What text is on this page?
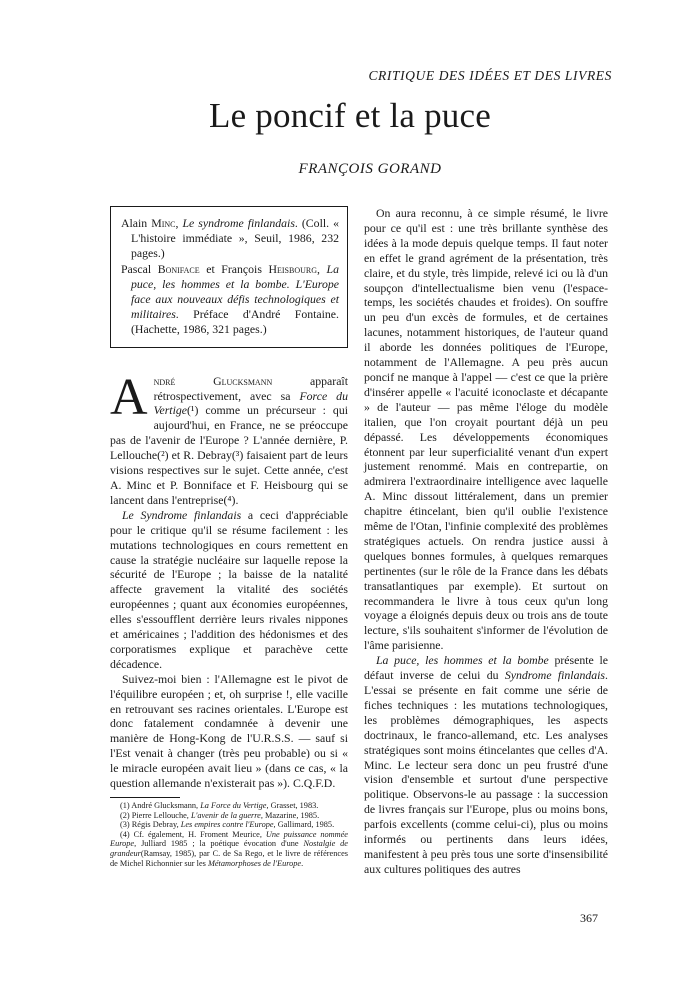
CRITIQUE DES IDÉES ET DES LIVRES
Le poncif et la puce
FRANÇOIS GORAND

Alain Minc, Le syndrome finlandais. (Coll. « L'histoire immédiate », Seuil, 1986, 232 pages.)

Pascal Boniface et François Heisbourg, La puce, les hommes et la bombe. L'Europe face aux nouveaux défis technologiques et militaires. Préface d'André Fontaine. (Hachette, 1986, 321 pages.)

André Glucksmann apparaît rétrospectivement, avec sa Force du Vertige(¹) comme un précurseur : qui aujourd'hui, en France, ne se préoccupe pas de l'avenir de l'Europe ? L'année dernière, P. Lellouche(²) et R. Debray(³) faisaient part de leurs visions respectives sur le sujet. Cette année, c'est A. Minc et P. Bonniface et F. Heisbourg qui se lancent dans l'entreprise(⁴).

Le Syndrome finlandais a ceci d'appréciable pour le critique qu'il se résume facilement : les mutations technologiques en cours remettent en cause la stratégie nucléaire sur laquelle repose la sécurité de l'Europe ; la baisse de la natalité affecte gravement la vitalité des sociétés européennes ; quant aux économies européennes, elles s'essoufflent derrière leurs rivales nippones et américaines ; l'addition des hédonismes et des corporatismes explique et parachève cette décadence.

Suivez-moi bien : l'Allemagne est le pivot de l'équilibre européen ; et, oh surprise !, elle vacille en retrouvant ses racines orientales. L'Europe est donc fatalement condamnée à devenir une manière de Hong-Kong de l'U.R.S.S. — sauf si l'Est venait à changer (très peu probable) ou si « le miracle européen avait lieu » (dans ce cas, « la question allemande n'existerait pas »). C.Q.F.D.

(1) André Glucksmann, La Force du Vertige, Grasset, 1983.

(2) Pierre Lellouche, L'avenir de la guerre, Mazarine, 1985.

(3) Régis Debray, Les empires contre l'Europe, Gallimard, 1985.

(4) Cf. également, H. Froment Meurice, Une puissance nommée Europe, Julliard 1985 ; la poétique évocation d'une Nostalgie de grandeur(Ramsay, 1985), par C. de Sa Rego, et le livre de références de Michel Richonnier sur les Métamorphoses de l'Europe.

On aura reconnu, à ce simple résumé, le livre pour ce qu'il est : une très brillante synthèse des idées à la mode depuis quelque temps. Il faut noter en effet le grand agrément de la présentation, très claire, et du style, très limpide, relevé ici ou là d'un soupçon d'intellectualisme bien venu (l'espace-temps, les sociétés chaudes et froides). On souffre un peu d'un excès de formules, et de certaines lacunes, notamment historiques, de l'auteur quand il aborde les données politiques de l'Europe, notamment de l'Allemagne. A peu près aucun poncif ne manque à l'appel — c'est ce que la prière d'insérer appelle « l'acuité iconoclaste et décapante » de l'auteur — pas même l'éloge du modèle italien, que l'on croyait pourtant déjà un peu dépassé. Les développements économiques étonnent par leur superficialité venant d'un expert justement renommé. Mais en contrepartie, on admirera l'extraordinaire intelligence avec laquelle A. Minc dissout littéralement, dans un premier chapitre étincelant, bien qu'il oublie l'existence même de l'Otan, l'infinie complexité des problèmes stratégiques actuels. On rendra justice aussi à quelques bonnes formules, à quelques remarques pertinentes (sur le rôle de la France dans les débats transatlantiques par exemple). Et surtout on recommandera le livre à tous ceux qu'un long voyage a éloignés depuis deux ou trois ans de toute lecture, s'ils souhaitent s'informer de l'évolution de l'âme parisienne.

La puce, les hommes et la bombe présente le défaut inverse de celui du Syndrome finlandais. L'essai se présente en fait comme une série de fiches techniques : les mutations technologiques, les problèmes démographiques, les aspects doctrinaux, le franco-allemand, etc. Les analyses stratégiques sont moins étincelantes que celles d'A. Minc. Le lecteur sera donc un peu frustré d'une vision d'ensemble et surtout d'une perspective politique. Observons-le au passage : la succession de livres français sur l'Europe, plus ou moins bons, parfois excellents (comme celui-ci), plus ou moins informés ou pertinents dans leurs idées, manifestent à peu près tous une sorte d'insensibilité aux cultures politiques des autres

367
